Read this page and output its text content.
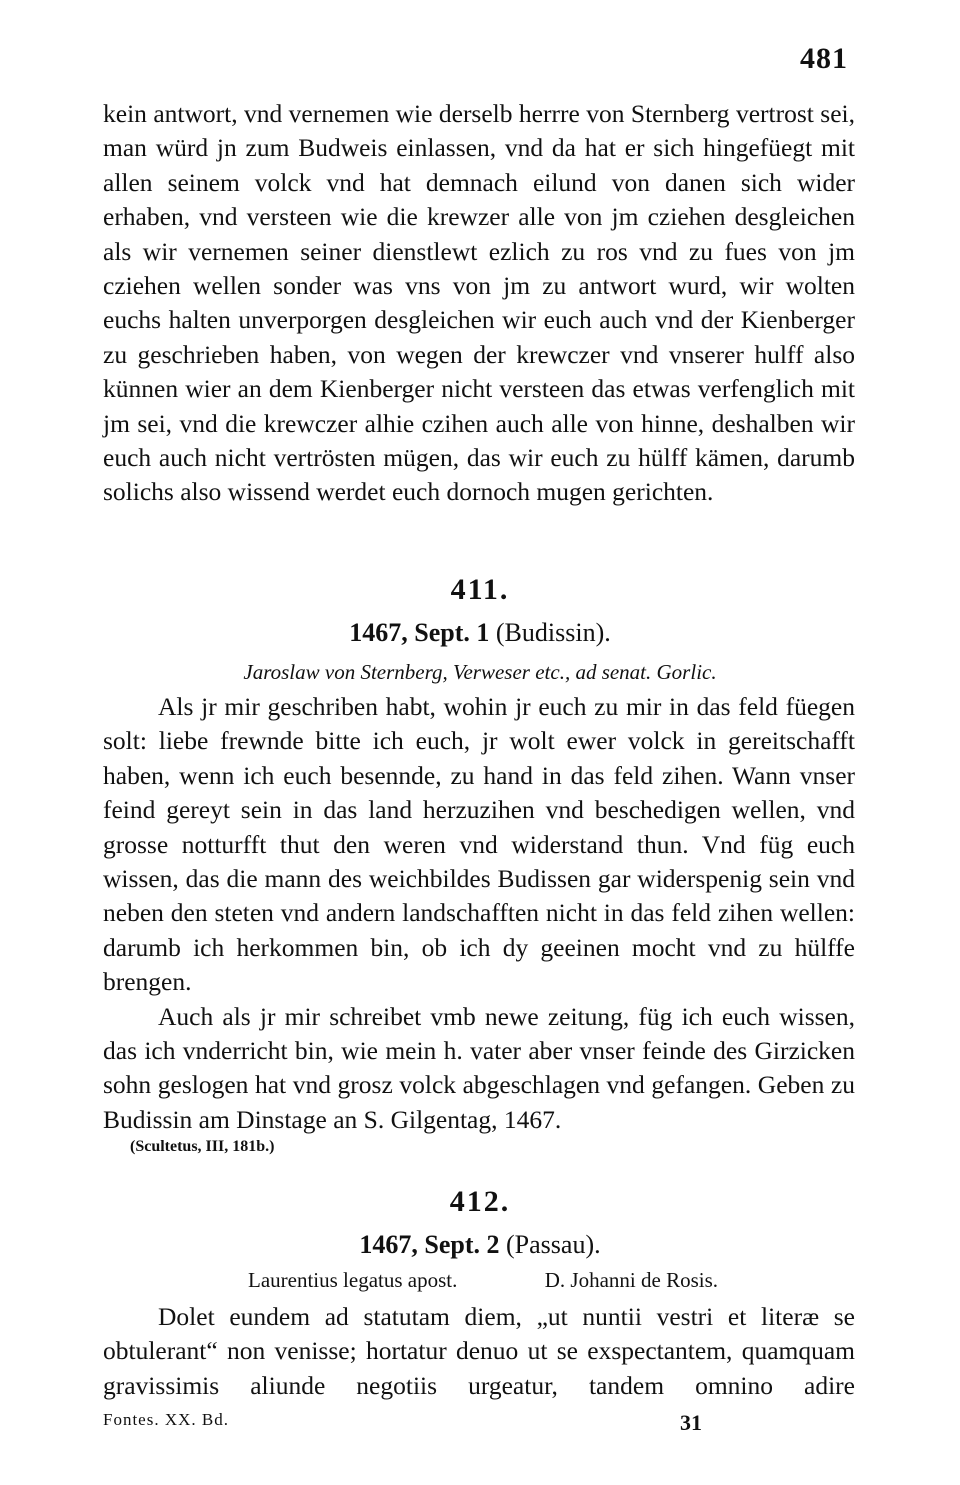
481

kein antwort, vnd vernemen wie derselb herrre von Sternberg vertrost sei, man würd jn zum Budweis einlassen, vnd da hat er sich hingefüegt mit allen seinem volck vnd hat demnach eilund von danen sich wider erhaben, vnd versteen wie die krewzer alle von jm cziehen desgleichen als wir vernemen seiner dienstlewt ezlich zu ros vnd zu fues von jm cziehen wellen sonder was vns von jm zu antwort wurd, wir wolten euchs halten unverporgen desgleichen wir euch auch vnd der Kienberger zu geschrieben haben, von wegen der krewczer vnd vnserer hulff also künnen wier an dem Kienberger nicht versteen das etwas verfenglich mit jm sei, vnd die krewczer alhie czihen auch alle von hinne, deshalben wir euch auch nicht vertrösten mügen, das wir euch zu hülff kämen, darumb solichs also wissend werdet euch dornoch mugen gerichten.

411.
1467, Sept. 1 (Budissin).
Jaroslaw von Sternberg, Verweser etc., ad senat. Gorlic.

Als jr mir geschriben habt, wohin jr euch zu mir in das feld füegen solt: liebe frewnde bitte ich euch, jr wolt ewer volck in gereitschafft haben, wenn ich euch besennde, zu hand in das feld zihen. Wann vnser feind gereyt sein in das land herzuzihen vnd beschedigen wellen, vnd grosse notturfft thut den weren vnd widerstand thun. Vnd füg euch wissen, das die mann des weichbildes Budissen gar widerspenig sein vnd neben den steten vnd andern landschafften nicht in das feld zihen wellen: darumb ich herkommen bin, ob ich dy geeinen mocht vnd zu hülffe brengen.

Auch als jr mir schreibet vmb newe zeitung, füg ich euch wissen, das ich vnderricht bin, wie mein h. vater aber vnser feinde des Girzicken sohn geslogen hat vnd grosz volck abgeschlagen vnd gefangen. Geben zu Budissin am Dinstage an S. Gilgentag, 1467.

(Scultetus, III, 181b.)
412.
1467, Sept. 2 (Passau).
Laurentius legatus apost.	D. Johanni de Rosis.

Dolet eundem ad statutam diem, „ut nuntii vestri et literæ se obtulerant“ non venisse; hortatur denuo ut se exspectantem, quamquam gravissimis aliunde negotiis urgeatur, tandem omnino adire

Fontes. XX. Bd.	31
